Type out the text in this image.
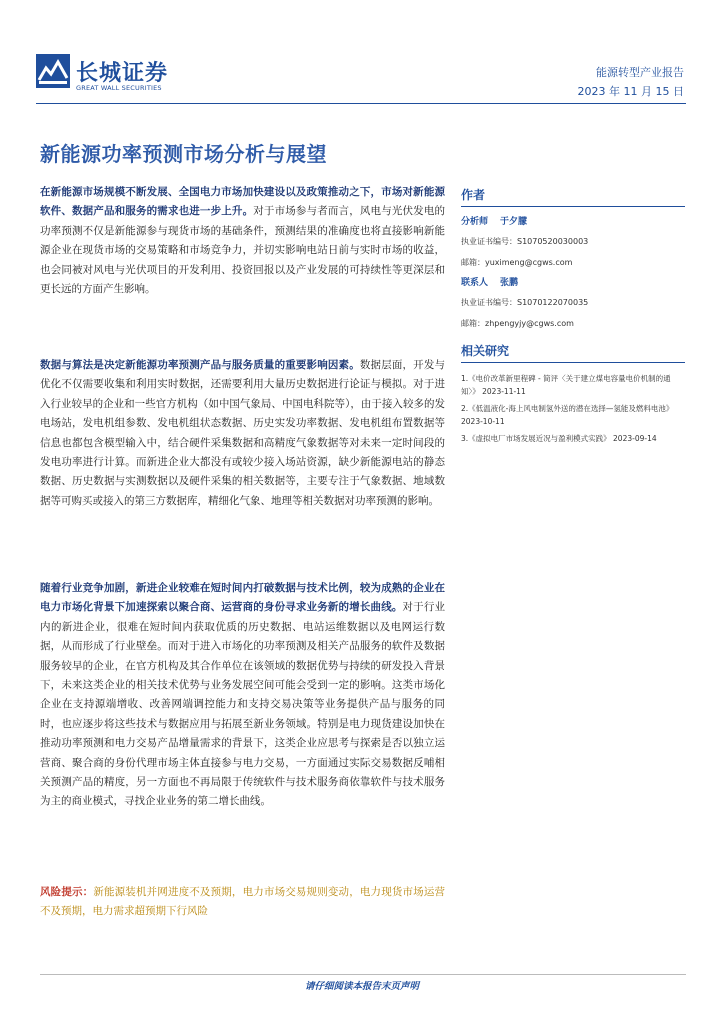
长城证券
GREAT WALL SECURITIES
能源转型产业报告
2023 年 11 月 15 日
新能源功率预测市场分析与展望

在新能源市场规模不断发展、全国电力市场加快建设以及政策推动之下，市场对新能源软件、数据产品和服务的需求也进一步上升。对于市场参与者而言，风电与光伏发电的功率预测不仅是新能源参与现货市场的基础条件，预测结果的准确度也将直接影响新能源企业在现货市场的交易策略和市场竞争力，并切实影响电站日前与实时市场的收益，也会同被对风电与光伏项目的开发利用、投资回报以及产业发展的可持续性等更深层和更长远的方面产生影响。

数据与算法是决定新能源功率预测产品与服务质量的重要影响因素。数据层面，开发与优化不仅需要收集和利用实时数据，还需要利用大量历史数据进行论证与模拟。对于进入行业较早的企业和一些官方机构（如中国气象局、中国电科院等），由于接入较多的发电场站，发电机组参数、发电机组状态数据、历史实发功率数据、发电机组布置数据等信息也都包含模型输入中，结合硬件采集数据和高精度气象数据等对未来一定时间段的发电功率进行计算。而新进企业大都没有或较少接入场站资源，缺少新能源电站的静态数据、历史数据与实测数据以及硬件采集的相关数据等，主要专注于气象数据、地域数据等可购买或接入的第三方数据库，精细化气象、地理等相关数据对功率预测的影响。

随着行业竞争加剧，新进企业较难在短时间内打破数据与技术比例，较为成熟的企业在电力市场化背景下加速探索以聚合商、运营商的身份寻求业务新的增长曲线。对于行业内的新进企业，很难在短时间内获取优质的历史数据、电站运维数据以及电网运行数据，从而形成了行业壁垒。而对于进入市场化的功率预测及相关产品服务的软件及数据服务较早的企业，在官方机构及其合作单位在该领域的数据优势与持续的研发投入背景下，未来这类企业的相关技术优势与业务发展空间可能会受到一定的影响。这类市场化企业在支持源端增收、改善网端调控能力和支持交易决策等业务提供产品与服务的同时，也应逐步将这些技术与数据应用与拓展至新业务领域。特别是电力现货建设加快在推动功率预测和电力交易产品增量需求的背景下，这类企业应思考与探索是否以独立运营商、聚合商的身份代理市场主体直接参与电力交易，一方面通过实际交易数据反哺相关预测产品的精度，另一方面也不再局限于传统软件与技术服务商依靠软件与技术服务为主的商业模式，寻找企业业务的第二增长曲线。

风险提示：新能源装机并网进度不及预期，电力市场交易规则变动，电力现货市场运营不及预期，电力需求超预期下行风险

作者
分析师 于夕朦
执业证书编号：S1070520030003
邮箱：yuximeng@cgws.com
联系人 张鹏
执业证书编号：S1070122070035
邮箱：zhpengyjy@cgws.com
相关研究
1.《电价改革新里程碑 - 简评〈关于建立煤电容量电价机制的通知〉》 2023-11-11
2.《低温液化-海上风电制氢外送的潜在选择—氢能及燃料电池》 2023-10-11
3.《虚拟电厂市场发展近况与盈利模式实践》 2023-09-14
请仔细阅读本报告末页声明
